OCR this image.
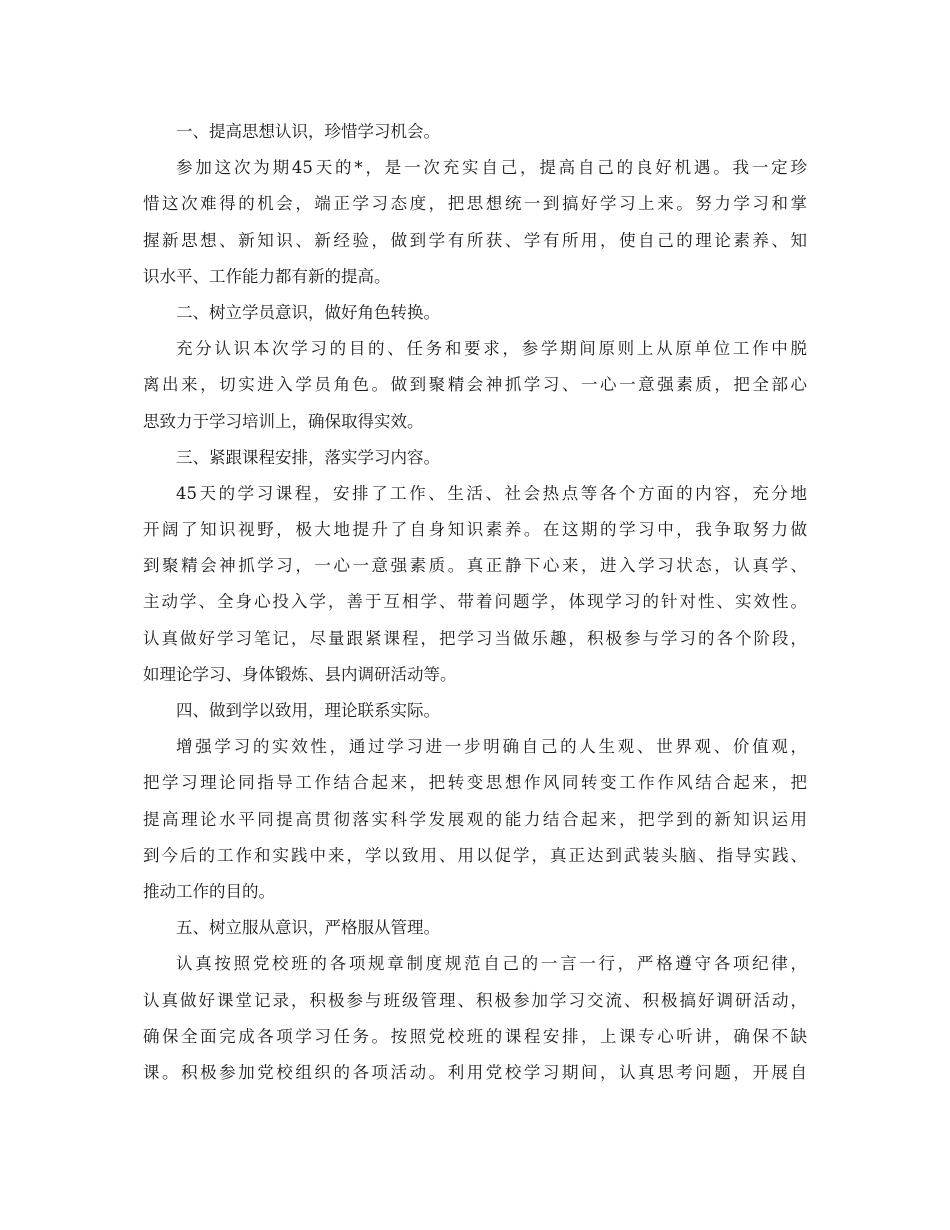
一、提高思想认识，珍惜学习机会。
参加这次为期45天的*，是一次充实自己，提高自己的良好机遇。我一定珍
惜这次难得的机会，端正学习态度，把思想统一到搞好学习上来。努力学习和掌
握新思想、新知识、新经验，做到学有所获、学有所用，使自己的理论素养、知
识水平、工作能力都有新的提高。
二、树立学员意识，做好角色转换。
充分认识本次学习的目的、任务和要求，参学期间原则上从原单位工作中脱
离出来，切实进入学员角色。做到聚精会神抓学习、一心一意强素质，把全部心
思致力于学习培训上，确保取得实效。
三、紧跟课程安排，落实学习内容。
45天的学习课程，安排了工作、生活、社会热点等各个方面的内容，充分地
开阔了知识视野，极大地提升了自身知识素养。在这期的学习中，我争取努力做
到聚精会神抓学习，一心一意强素质。真正静下心来，进入学习状态，认真学、
主动学、全身心投入学，善于互相学、带着问题学，体现学习的针对性、实效性。
认真做好学习笔记，尽量跟紧课程，把学习当做乐趣，积极参与学习的各个阶段，
如理论学习、身体锻炼、县内调研活动等。
四、做到学以致用，理论联系实际。
增强学习的实效性，通过学习进一步明确自己的人生观、世界观、价值观，
把学习理论同指导工作结合起来，把转变思想作风同转变工作作风结合起来，把
提高理论水平同提高贯彻落实科学发展观的能力结合起来，把学到的新知识运用
到今后的工作和实践中来，学以致用、用以促学，真正达到武装头脑、指导实践、
推动工作的目的。
五、树立服从意识，严格服从管理。
认真按照党校班的各项规章制度规范自己的一言一行，严格遵守各项纪律，
认真做好课堂记录，积极参与班级管理、积极参加学习交流、积极搞好调研活动，
确保全面完成各项学习任务。按照党校班的课程安排，上课专心听讲，确保不缺
课。积极参加党校组织的各项活动。利用党校学习期间，认真思考问题，开展自
